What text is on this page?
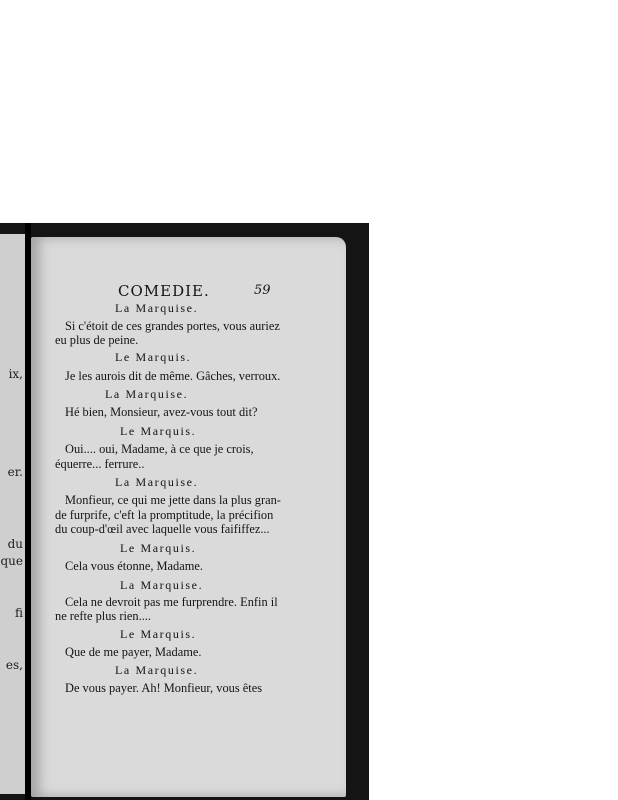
ix,
er.
du
que
fi
es,
COMEDIE.	59
La Marquise.
Si c'étoit de ces grandes portes, vous auriez
eu plus de peine.
Le Marquis.
Je les aurois dit de même. Gâches, verroux.
La Marquise.
Hé bien, Monsieur, avez-vous tout dit?
Le Marquis.
Oui.... oui, Madame, à ce que je crois,
équerre... ferrure..
La Marquise.
Monfieur, ce qui me jette dans la plus gran-
de furprife, c'eft la promptitude, la précifion
du coup-d'œil avec laquelle vous faififfez...
Le Marquis.
Cela vous étonne, Madame.
La Marquise.
Cela ne devroit pas me furprendre. Enfin il
ne refte plus rien....
Le Marquis.
Que de me payer, Madame.
La Marquise.
De vous payer. Ah! Monfieur, vous êtes
